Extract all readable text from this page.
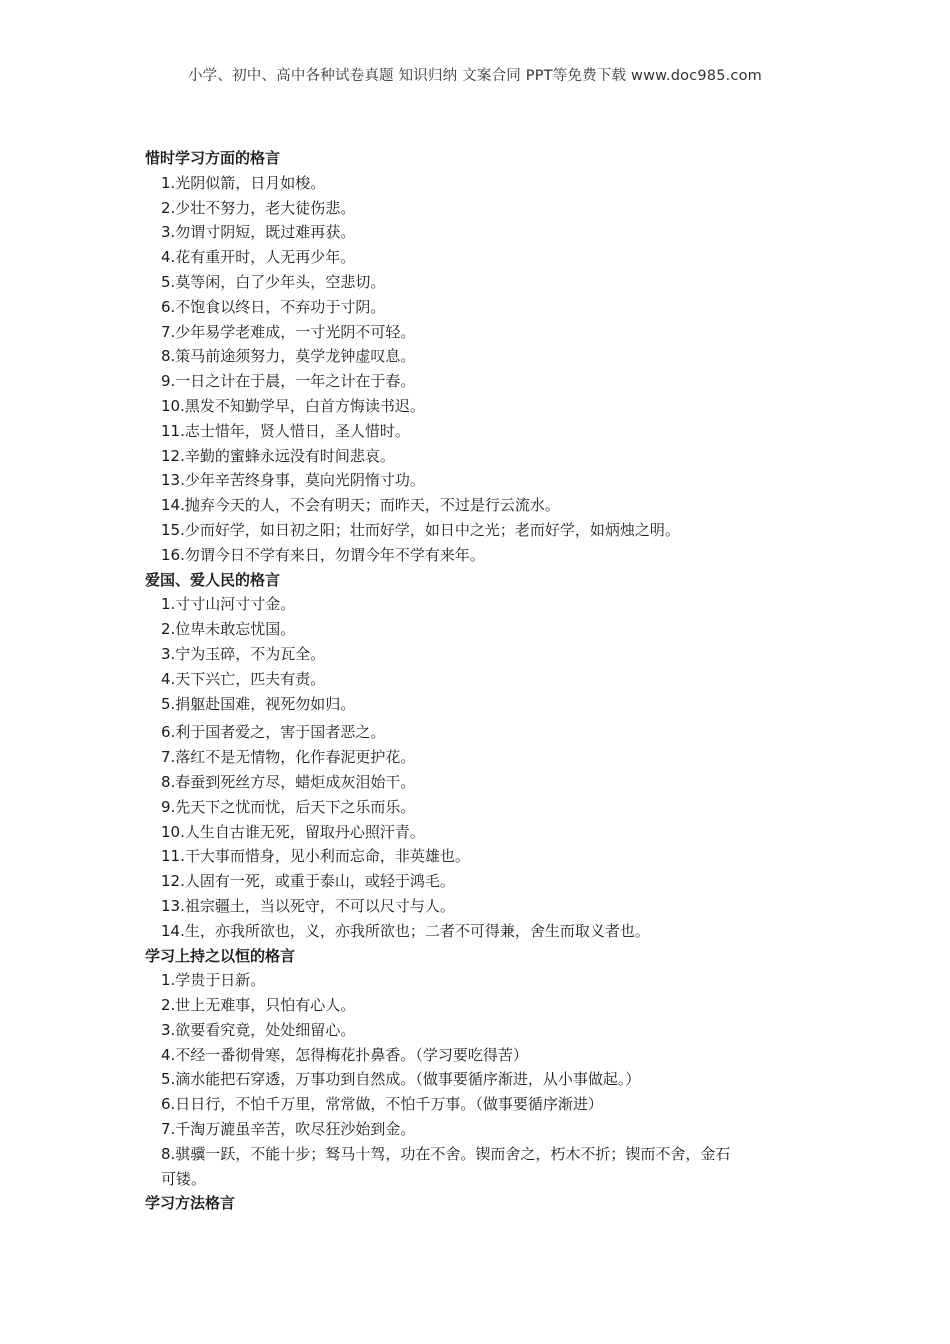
小学、初中、高中各种试卷真题 知识归纳 文案合同 PPT等免费下载 www.doc985.com
惜时学习方面的格言
1.光阴似箭，日月如梭。
2.少壮不努力，老大徒伤悲。
3.勿谓寸阴短，既过难再获。
4.花有重开时，人无再少年。
5.莫等闲，白了少年头，空悲切。
6.不饱食以终日，不弃功于寸阴。
7.少年易学老难成，一寸光阴不可轻。
8.策马前途须努力，莫学龙钟虚叹息。
9.一日之计在于晨，一年之计在于春。
10.黑发不知勤学早，白首方悔读书迟。
11.志士惜年，贤人惜日，圣人惜时。
12.辛勤的蜜蜂永远没有时间悲哀。
13.少年辛苦终身事，莫向光阴惰寸功。
14.抛弃今天的人，不会有明天；而昨天，不过是行云流水。
15.少而好学，如日初之阳；壮而好学，如日中之光；老而好学，如炳烛之明。
16.勿谓今日不学有来日，勿谓今年不学有来年。
爱国、爱人民的格言
1.寸寸山河寸寸金。
2.位卑未敢忘忧国。
3.宁为玉碎，不为瓦全。
4.天下兴亡，匹夫有责。
5.捐躯赴国难，视死勿如归。
6.利于国者爱之，害于国者恶之。
7.落红不是无情物，化作春泥更护花。
8.春蚕到死丝方尽，蜡炬成灰泪始干。
9.先天下之忧而忧，后天下之乐而乐。
10.人生自古谁无死，留取丹心照汗青。
11.干大事而惜身，见小利而忘命，非英雄也。
12.人固有一死，或重于泰山，或轻于鸿毛。
13.祖宗疆土，当以死守，不可以尺寸与人。
14.生，亦我所欲也，义，亦我所欲也；二者不可得兼，舍生而取义者也。
学习上持之以恒的格言
1.学贵于日新。
2.世上无难事，只怕有心人。
3.欲要看究竟，处处细留心。
4.不经一番彻骨寒，怎得梅花扑鼻香。（学习要吃得苦）
5.滴水能把石穿透，万事功到自然成。（做事要循序渐进，从小事做起。）
6.日日行，不怕千万里，常常做，不怕千万事。（做事要循序渐进）
7.千淘万漉虽辛苦，吹尽狂沙始到金。
8.骐骥一跃，不能十步；驽马十驾，功在不舍。锲而舍之，朽木不折；锲而不舍，金石
可镂。
学习方法格言
